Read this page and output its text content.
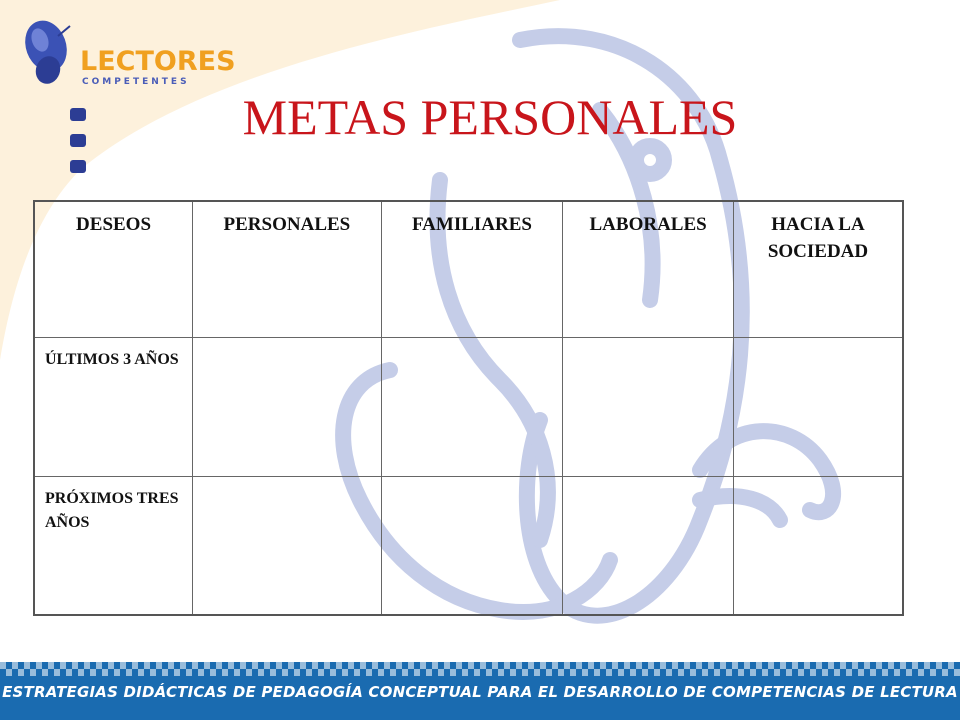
LECTORES
COMPETENTES
METAS PERSONALES
DESEOS	PERSONALES	FAMILIARES	LABORALES	HACIA LA SOCIEDAD
ÚLTIMOS 3 AÑOS				
PRÓXIMOS TRES AÑOS				
ESTRATEGIAS DIDÁCTICAS DE PEDAGOGÍA CONCEPTUAL PARA EL DESARROLLO DE COMPETENCIAS DE LECTURA
